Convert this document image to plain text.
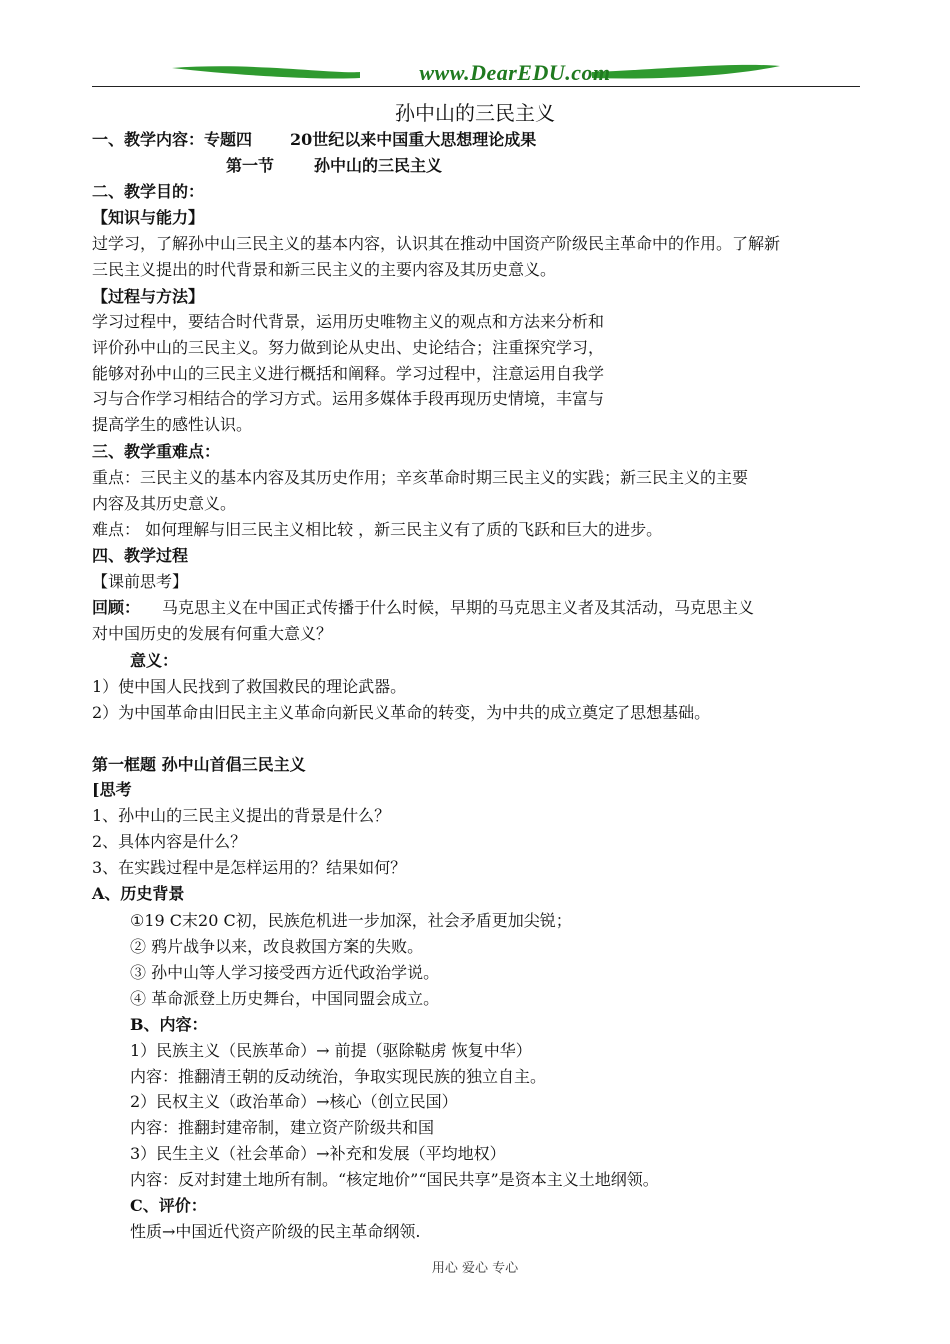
www.DearEDU.com
孙中山的三民主义
一、教学内容：专题四 20世纪以来中国重大思想理论成果
第一节	孙中山的三民主义
二、教学目的：
【知识与能力】
过学习，了解孙中山三民主义的基本内容，认识其在推动中国资产阶级民主革命中的作用。了解新
三民主义提出的时代背景和新三民主义的主要内容及其历史意义。
【过程与方法】
学习过程中，要结合时代背景，运用历史唯物主义的观点和方法来分析和
评价孙中山的三民主义。努力做到论从史出、史论结合；注重探究学习，
能够对孙中山的三民主义进行概括和阐释。学习过程中，注意运用自我学
习与合作学习相结合的学习方式。运用多媒体手段再现历史情境，丰富与
提高学生的感性认识。
三、教学重难点：
重点：三民主义的基本内容及其历史作用；辛亥革命时期三民主义的实践；新三民主义的主要
内容及其历史意义。
难点： 如何理解与旧三民主义相比较 ，新三民主义有了质的飞跃和巨大的进步。
四、教学过程
【课前思考】
回顾： 马克思主义在中国正式传播于什么时候，早期的马克思主义者及其活动，马克思主义
对中国历史的发展有何重大意义？
意义：
1）使中国人民找到了救国救民的理论武器。
2）为中国革命由旧民主主义革命向新民义革命的转变，为中共的成立奠定了思想基础。
第一框题 孙中山首倡三民主义
[思考
1、孙中山的三民主义提出的背景是什么？
2、具体内容是什么？
3、在实践过程中是怎样运用的？结果如何？
A、历史背景
①19 C末20 C初，民族危机进一步加深，社会矛盾更加尖锐；
② 鸦片战争以来，改良救国方案的失败。
③ 孙中山等人学习接受西方近代政治学说。
④ 革命派登上历史舞台，中国同盟会成立。
B、内容：
1）民族主义（民族革命）→ 前提（驱除鞑虏 恢复中华）
内容：推翻清王朝的反动统治，争取实现民族的独立自主。
2）民权主义（政治革命）→核心（创立民国）
内容：推翻封建帝制，建立资产阶级共和国
3）民生主义（社会革命）→补充和发展（平均地权）
内容：反对封建土地所有制。“核定地价”“国民共享”是资本主义土地纲领。
C、评价：
性质→中国近代资产阶级的民主革命纲领.
用心 爱心 专心
